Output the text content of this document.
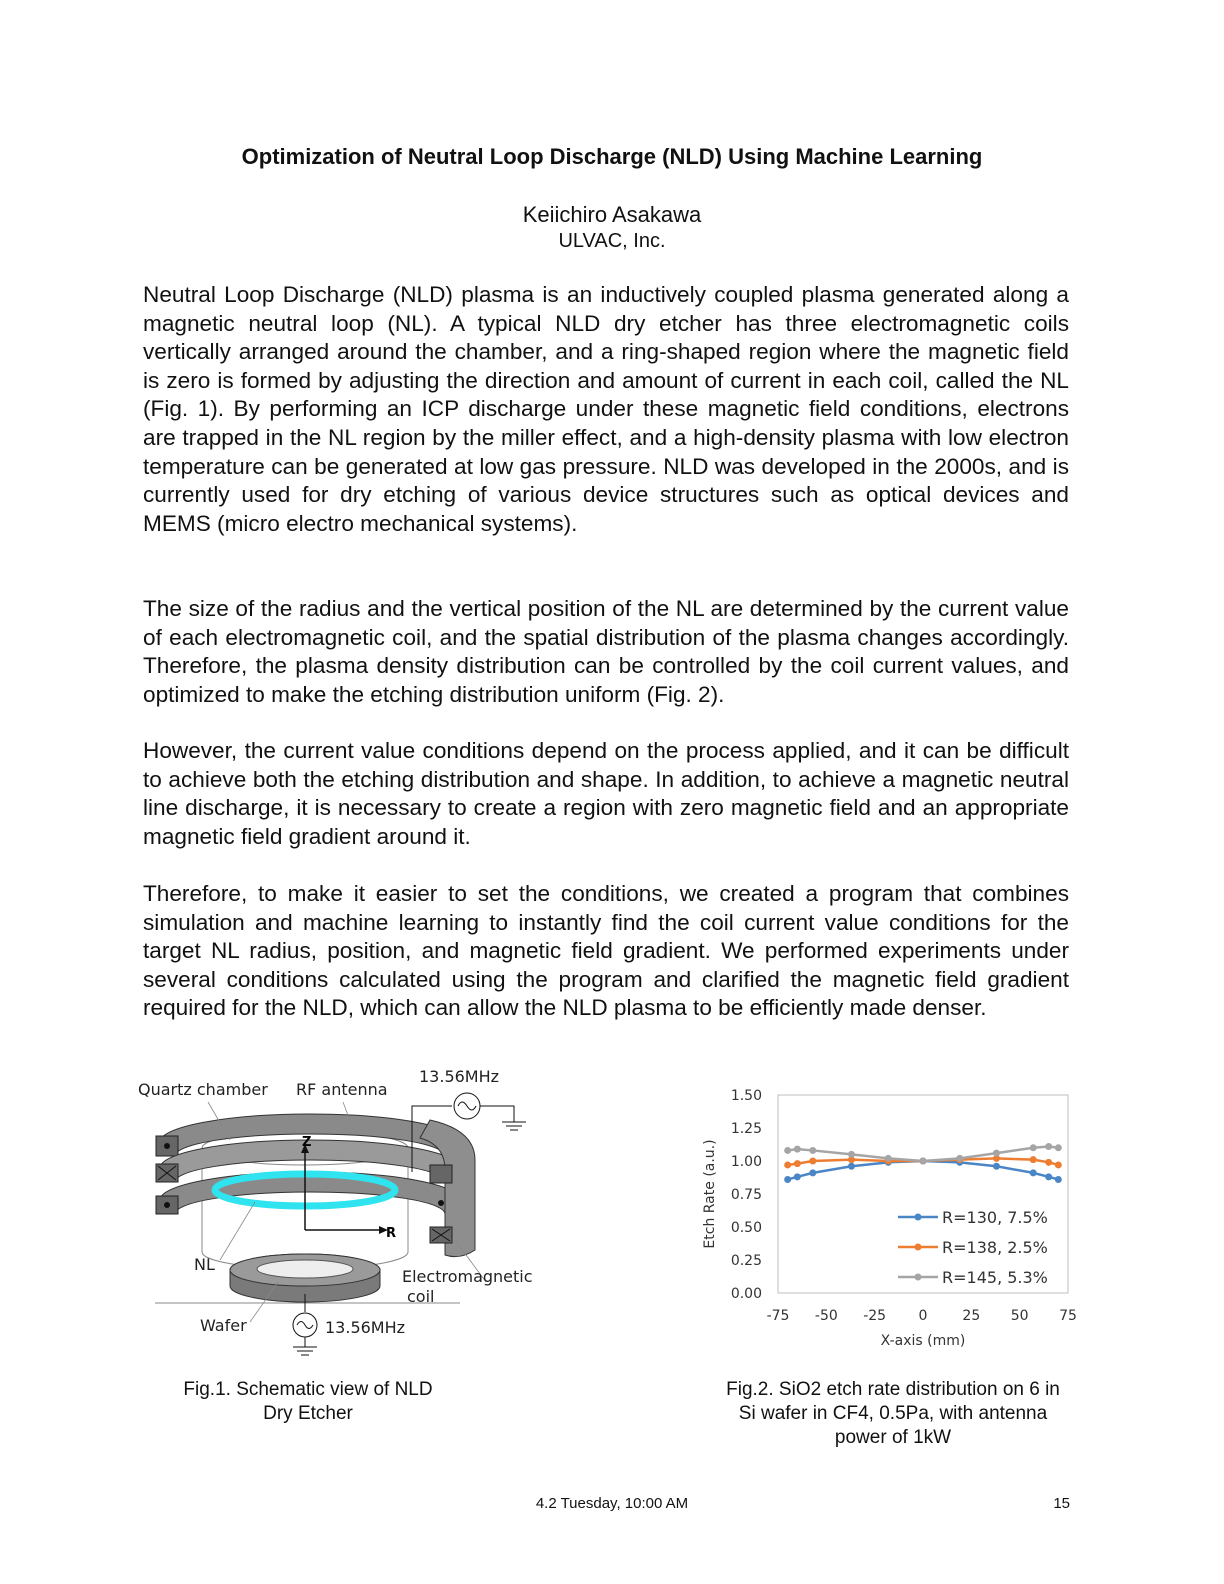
Optimization of Neutral Loop Discharge (NLD) Using Machine Learning
Keiichiro Asakawa
ULVAC, Inc.
Neutral Loop Discharge (NLD) plasma is an inductively coupled plasma generated along a magnetic neutral loop (NL). A typical NLD dry etcher has three electromagnetic coils vertically arranged around the chamber, and a ring-shaped region where the magnetic field is zero is formed by adjusting the direction and amount of current in each coil, called the NL (Fig. 1). By performing an ICP discharge under these magnetic field conditions, electrons are trapped in the NL region by the miller effect, and a high-density plasma with low electron temperature can be generated at low gas pressure. NLD was developed in the 2000s, and is currently used for dry etching of various device structures such as optical devices and MEMS (micro electro mechanical systems).
The size of the radius and the vertical position of the NL are determined by the current value of each electromagnetic coil, and the spatial distribution of the plasma changes accordingly. Therefore, the plasma density distribution can be controlled by the coil current values, and optimized to make the etching distribution uniform (Fig. 2).
However, the current value conditions depend on the process applied, and it can be difficult to achieve both the etching distribution and shape. In addition, to achieve a magnetic neutral line discharge, it is necessary to create a region with zero magnetic field and an appropriate magnetic field gradient around it.
Therefore, to make it easier to set the conditions, we created a program that combines simulation and machine learning to instantly find the coil current value conditions for the target NL radius, position, and magnetic field gradient. We performed experiments under several conditions calculated using the program and clarified the magnetic field gradient required for the NLD, which can allow the NLD plasma to be efficiently made denser.
Z
R
Quartz chamber RF antenna
13.56MHz
NL
Electromagnetic
coil
Wafer	13.56MHz
Fig.1. Schematic view of NLD
Dry Etcher
0.00
0.25
0.50
0.75
1.00
1.25
1.50
-75 -50 -25 0 25 50 75
R=130, 7.5%
R=138, 2.5%
R=145, 5.3%
X-axis (mm)
Etch Rate (a.u.)
Fig.2. SiO2 etch rate distribution on 6 in
Si wafer in CF4, 0.5Pa, with antenna
power of 1kW
4.2 Tuesday, 10:00 AM	15
